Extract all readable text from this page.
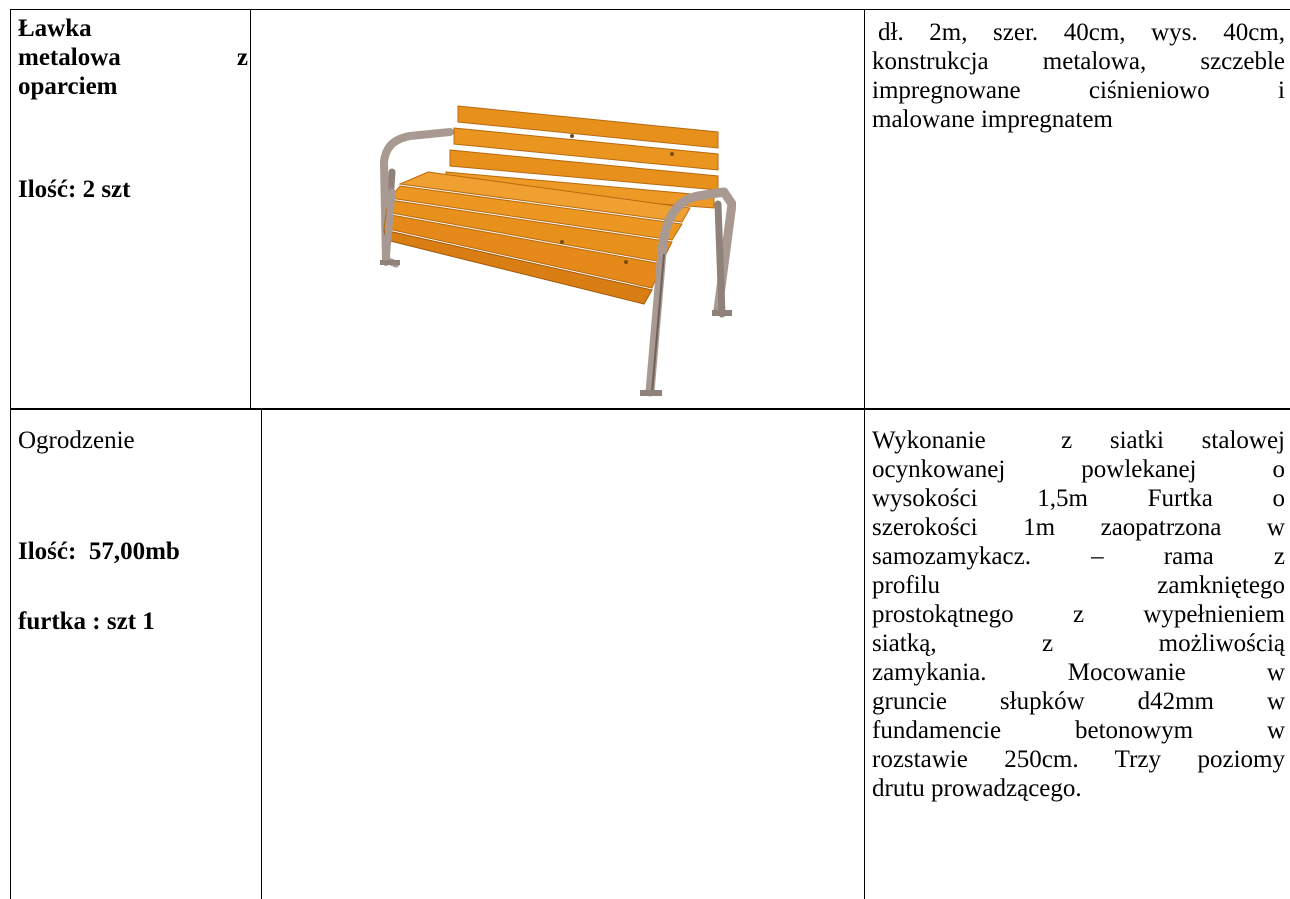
Ławka
metalowa	z
oparciem
Ilość: 2 szt
dł. 2m, szer. 40cm, wys. 40cm,
konstrukcja metalowa, szczeble
impregnowane ciśnieniowo i
malowane impregnatem
Ogrodzenie
Ilość:  57,00mb
furtka : szt 1
Wykonanie  z siatki stalowej
ocynkowanej powlekanej o
wysokości 1,5m Furtka o
szerokości 1m zaopatrzona w
samozamykacz. – rama z
profilu zamkniętego
prostokątnego z wypełnieniem
siatką, z możliwością
zamykania. Mocowanie w
gruncie słupków d42mm w
fundamencie betonowym w
rozstawie 250cm. Trzy poziomy
drutu prowadzącego.
